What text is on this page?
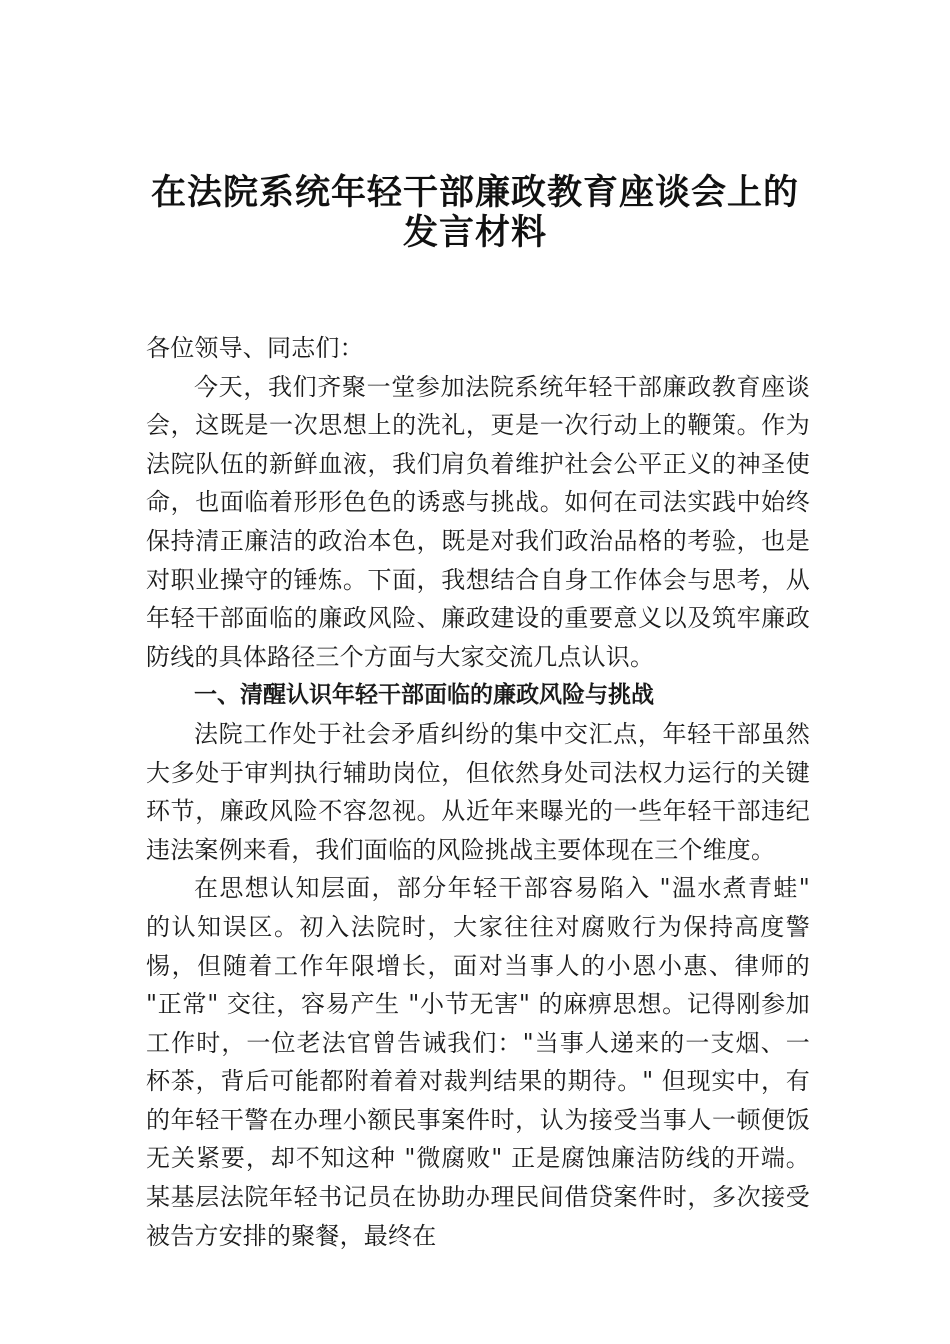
在法院系统年轻干部廉政教育座谈会上的
发言材料

各位领导、同志们：

今天，我们齐聚一堂参加法院系统年轻干部廉政教育座谈会，这既是一次思想上的洗礼，更是一次行动上的鞭策。作为法院队伍的新鲜血液，我们肩负着维护社会公平正义的神圣使命，也面临着形形色色的诱惑与挑战。如何在司法实践中始终保持清正廉洁的政治本色，既是对我们政治品格的考验，也是对职业操守的锤炼。下面，我想结合自身工作体会与思考，从年轻干部面临的廉政风险、廉政建设的重要意义以及筑牢廉政防线的具体路径三个方面与大家交流几点认识。

一、清醒认识年轻干部面临的廉政风险与挑战

法院工作处于社会矛盾纠纷的集中交汇点，年轻干部虽然大多处于审判执行辅助岗位，但依然身处司法权力运行的关键环节，廉政风险不容忽视。从近年来曝光的一些年轻干部违纪违法案例来看，我们面临的风险挑战主要体现在三个维度。

在思想认知层面，部分年轻干部容易陷入 "温水煮青蛙" 的认知误区。初入法院时，大家往往对腐败行为保持高度警惕，但随着工作年限增长，面对当事人的小恩小惠、律师的 "正常" 交往，容易产生 "小节无害" 的麻痹思想。记得刚参加工作时，一位老法官曾告诫我们："当事人递来的一支烟、一杯茶，背后可能都附着着对裁判结果的期待。" 但现实中，有的年轻干警在办理小额民事案件时，认为接受当事人一顿便饭无关紧要，却不知这种 "微腐败" 正是腐蚀廉洁防线的开端。某基层法院年轻书记员在协助办理民间借贷案件时，多次接受被告方安排的聚餐，最终在
